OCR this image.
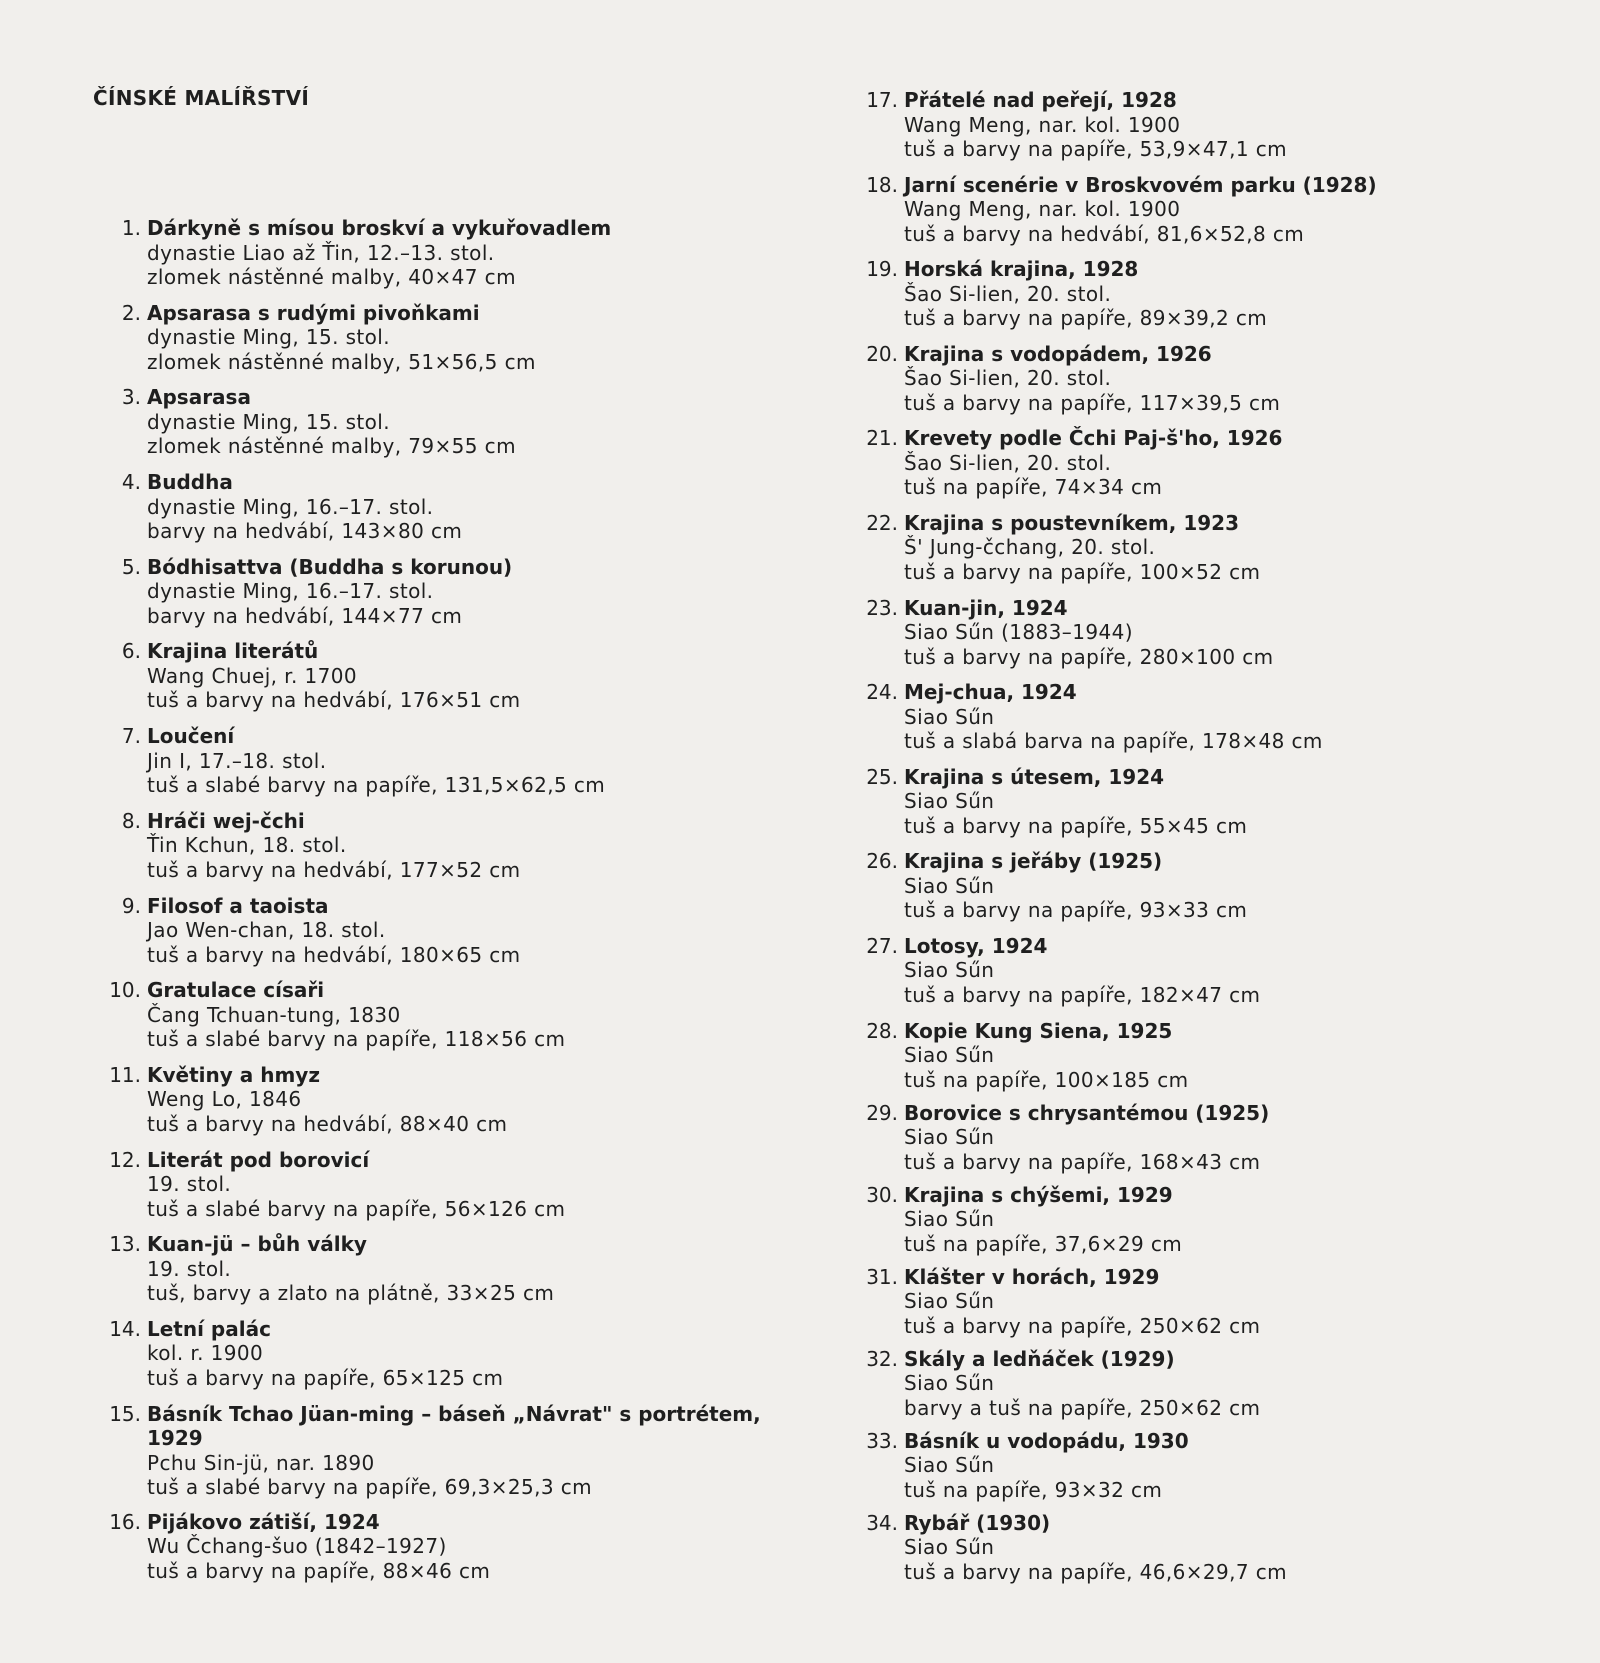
ČÍNSKÉ MALÍŘSTVÍ
1. Dárkyně s mísou broskví a vykuřovadlem
dynastie Liao až Ťin, 12.–13. stol.
zlomek nástěnné malby, 40×47 cm
2. Apsarasa s rudými pivoňkami
dynastie Ming, 15. stol.
zlomek nástěnné malby, 51×56,5 cm
3. Apsarasa
dynastie Ming, 15. stol.
zlomek nástěnné malby, 79×55 cm
4. Buddha
dynastie Ming, 16.–17. stol.
barvy na hedvábí, 143×80 cm
5. Bódhisattva (Buddha s korunou)
dynastie Ming, 16.–17. stol.
barvy na hedvábí, 144×77 cm
6. Krajina literátů
Wang Chuej, r. 1700
tuš a barvy na hedvábí, 176×51 cm
7. Loučení
Jin I, 17.–18. stol.
tuš a slabé barvy na papíře, 131,5×62,5 cm
8. Hráči wej-čchi
Ťin Kchun, 18. stol.
tuš a barvy na hedvábí, 177×52 cm
9. Filosof a taoista
Jao Wen-chan, 18. stol.
tuš a barvy na hedvábí, 180×65 cm
10. Gratulace císaři
Čang Tchuan-tung, 1830
tuš a slabé barvy na papíře, 118×56 cm
11. Květiny a hmyz
Weng Lo, 1846
tuš a barvy na hedvábí, 88×40 cm
12. Literát pod borovicí
19. stol.
tuš a slabé barvy na papíře, 56×126 cm
13. Kuan-jü – bůh války
19. stol.
tuš, barvy a zlato na plátně, 33×25 cm
14. Letní palác
kol. r. 1900
tuš a barvy na papíře, 65×125 cm
15. Básník Tchao Jüan-ming – báseň „Návrat" s portrétem, 1929
Pchu Sin-jü, nar. 1890
tuš a slabé barvy na papíře, 69,3×25,3 cm
16. Pijákovo zátiší, 1924
Wu Čchang-šuo (1842–1927)
tuš a barvy na papíře, 88×46 cm
17. Přátelé nad peřejí, 1928
Wang Meng, nar. kol. 1900
tuš a barvy na papíře, 53,9×47,1 cm
18. Jarní scenérie v Broskvovém parku (1928)
Wang Meng, nar. kol. 1900
tuš a barvy na hedvábí, 81,6×52,8 cm
19. Horská krajina, 1928
Šao Si-lien, 20. stol.
tuš a barvy na papíře, 89×39,2 cm
20. Krajina s vodopádem, 1926
Šao Si-lien, 20. stol.
tuš a barvy na papíře, 117×39,5 cm
21. Krevety podle Čchi Paj-š'ho, 1926
Šao Si-lien, 20. stol.
tuš na papíře, 74×34 cm
22. Krajina s poustevníkem, 1923
Š' Jung-čchang, 20. stol.
tuš a barvy na papíře, 100×52 cm
23. Kuan-jin, 1924
Siao Sűn (1883–1944)
tuš a barvy na papíře, 280×100 cm
24. Mej-chua, 1924
Siao Sűn
tuš a slabá barva na papíře, 178×48 cm
25. Krajina s útesem, 1924
Siao Sűn
tuš a barvy na papíře, 55×45 cm
26. Krajina s jeřáby (1925)
Siao Sűn
tuš a barvy na papíře, 93×33 cm
27. Lotosy, 1924
Siao Sűn
tuš a barvy na papíře, 182×47 cm
28. Kopie Kung Siena, 1925
Siao Sűn
tuš na papíře, 100×185 cm
29. Borovice s chrysantémou (1925)
Siao Sűn
tuš a barvy na papíře, 168×43 cm
30. Krajina s chýšemi, 1929
Siao Sűn
tuš na papíře, 37,6×29 cm
31. Klášter v horách, 1929
Siao Sűn
tuš a barvy na papíře, 250×62 cm
32. Skály a ledňáček (1929)
Siao Sűn
barvy a tuš na papíře, 250×62 cm
33. Básník u vodopádu, 1930
Siao Sűn
tuš na papíře, 93×32 cm
34. Rybář (1930)
Siao Sűn
tuš a barvy na papíře, 46,6×29,7 cm
